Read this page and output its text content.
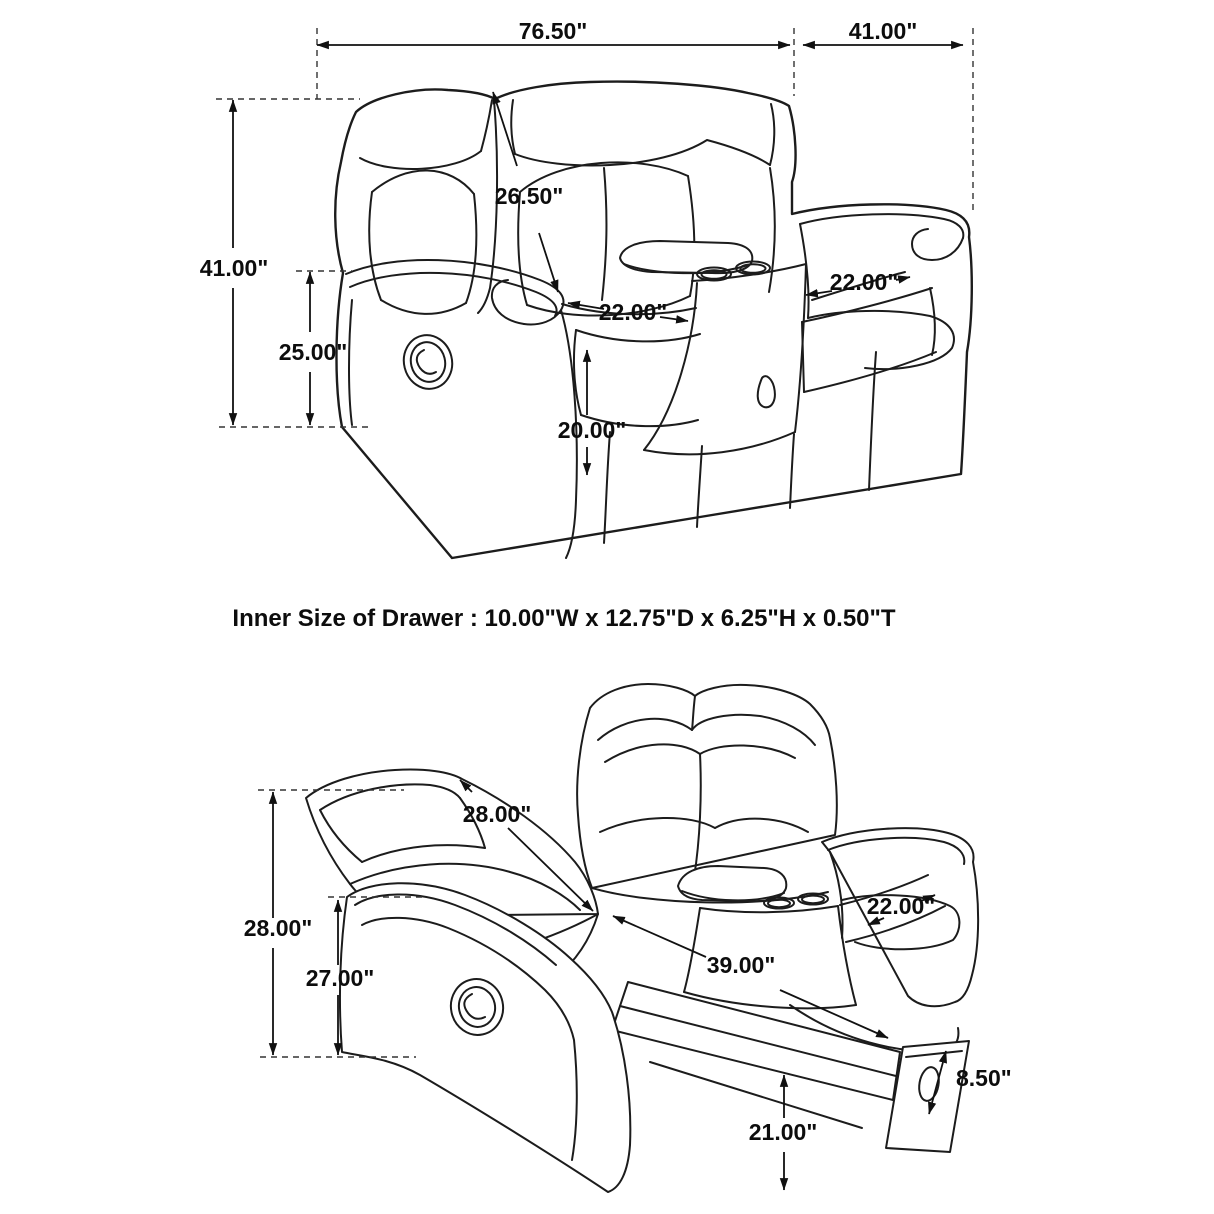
76.50"	41.00"
41.00"
25.00"
26.50"
22.00"
22.00"
20.00"
Inner Size of Drawer : 10.00"W x 12.75"D x 6.25"H x 0.50"T
28.00"
27.00"
28.00"
39.00"
22.00"
21.00"
8.50"
